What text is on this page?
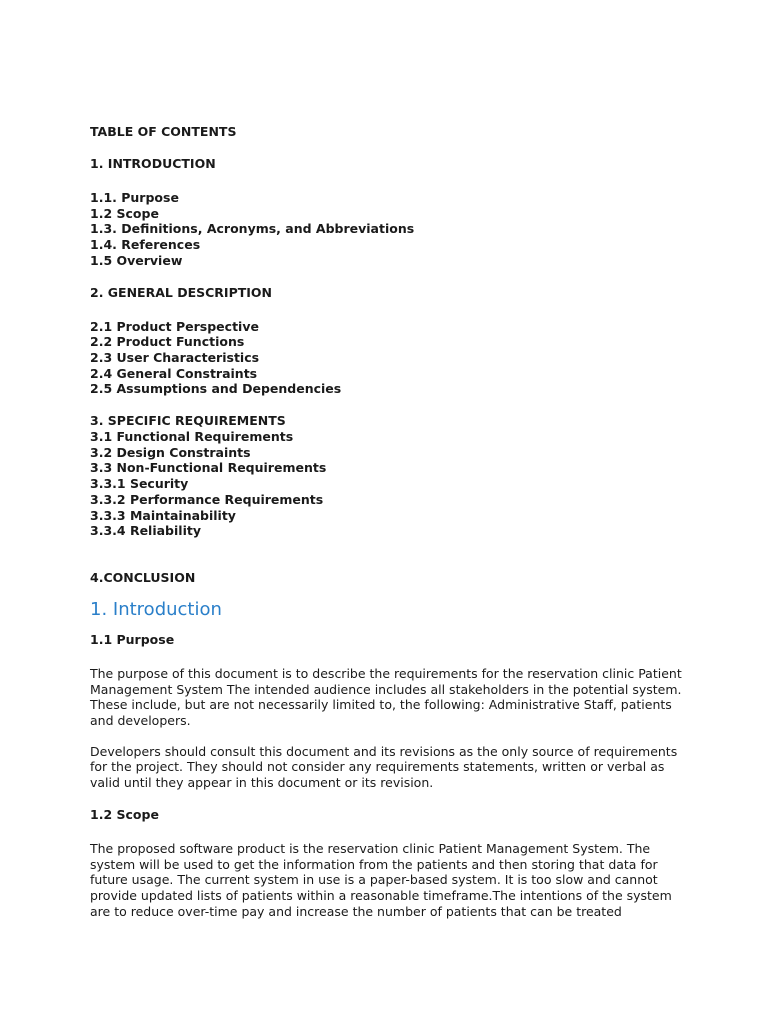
TABLE OF CONTENTS

1. INTRODUCTION

1.1. Purpose

1.2 Scope

1.3. Definitions, Acronyms, and Abbreviations

1.4. References

1.5 Overview

2. GENERAL DESCRIPTION

2.1 Product Perspective

2.2 Product Functions

2.3 User Characteristics

2.4 General Constraints

2.5 Assumptions and Dependencies

3. SPECIFIC REQUIREMENTS

3.1 Functional Requirements

3.2 Design Constraints

3.3 Non-Functional Requirements

3.3.1 Security

3.3.2 Performance Requirements

3.3.3 Maintainability

3.3.4 Reliability

4.CONCLUSION

1. Introduction
1.1 Purpose

The purpose of this document is to describe the requirements for the reservation clinic Patient Management System The intended audience includes all stakeholders in the potential system. These include, but are not necessarily limited to, the following: Administrative Staff, patients and developers.

Developers should consult this document and its revisions as the only source of requirements for the project. They should not consider any requirements statements, written or verbal as valid until they appear in this document or its revision.

1.2 Scope

The proposed software product is the reservation clinic Patient Management System. The system will be used to get the information from the patients and then storing that data for future usage. The current system in use is a paper-based system. It is too slow and cannot provide updated lists of patients within a reasonable timeframe.The intentions of the system are to reduce over-time pay and increase the number of patients that can be treated
